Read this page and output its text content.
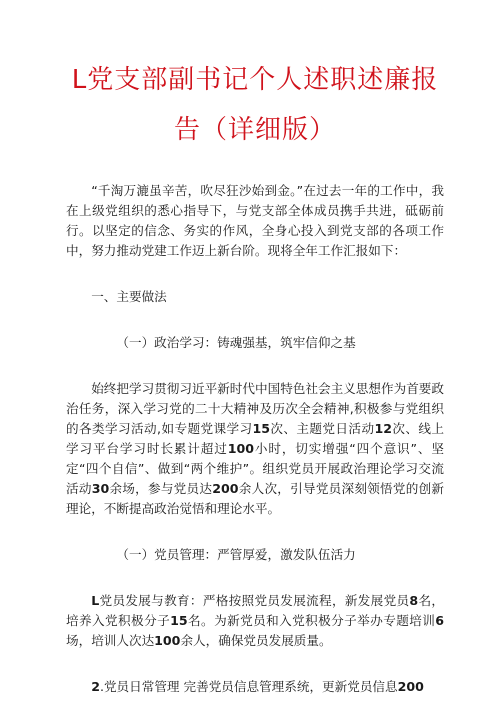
L党支部副书记个人述职述廉报
告（详细版）

“千淘万漉虽辛苦，吹尽狂沙始到金。”在过去一年的工作中，我在上级党组织的悉心指导下，与党支部全体成员携手共进，砥砺前行。以坚定的信念、务实的作风，全身心投入到党支部的各项工作中，努力推动党建工作迈上新台阶。现将全年工作汇报如下：

一、主要做法

（一）政治学习：铸魂强基，筑牢信仰之基

始终把学习贯彻习近平新时代中国特色社会主义思想作为首要政治任务，深入学习党的二十大精神及历次全会精神,积极参与党组织的各类学习活动,如专题党课学习15次、主题党日活动12次、线上学习平台学习时长累计超过100小时，切实增强“四个意识”、坚定“四个自信”、做到“两个维护”。组织党员开展政治理论学习交流活动30余场，参与党员达200余人次，引导党员深刻领悟党的创新理论，不断提高政治觉悟和理论水平。

（一）党员管理：严管厚爱，激发队伍活力

L党员发展与教育：严格按照党员发展流程，新发展党员8名，培养入党积极分子15名。为新党员和入党积极分子举办专题培训6场，培训人次达100余人，确保党员发展质量。

2.党员日常管理 完善党员信息管理系统，更新党员信息200
